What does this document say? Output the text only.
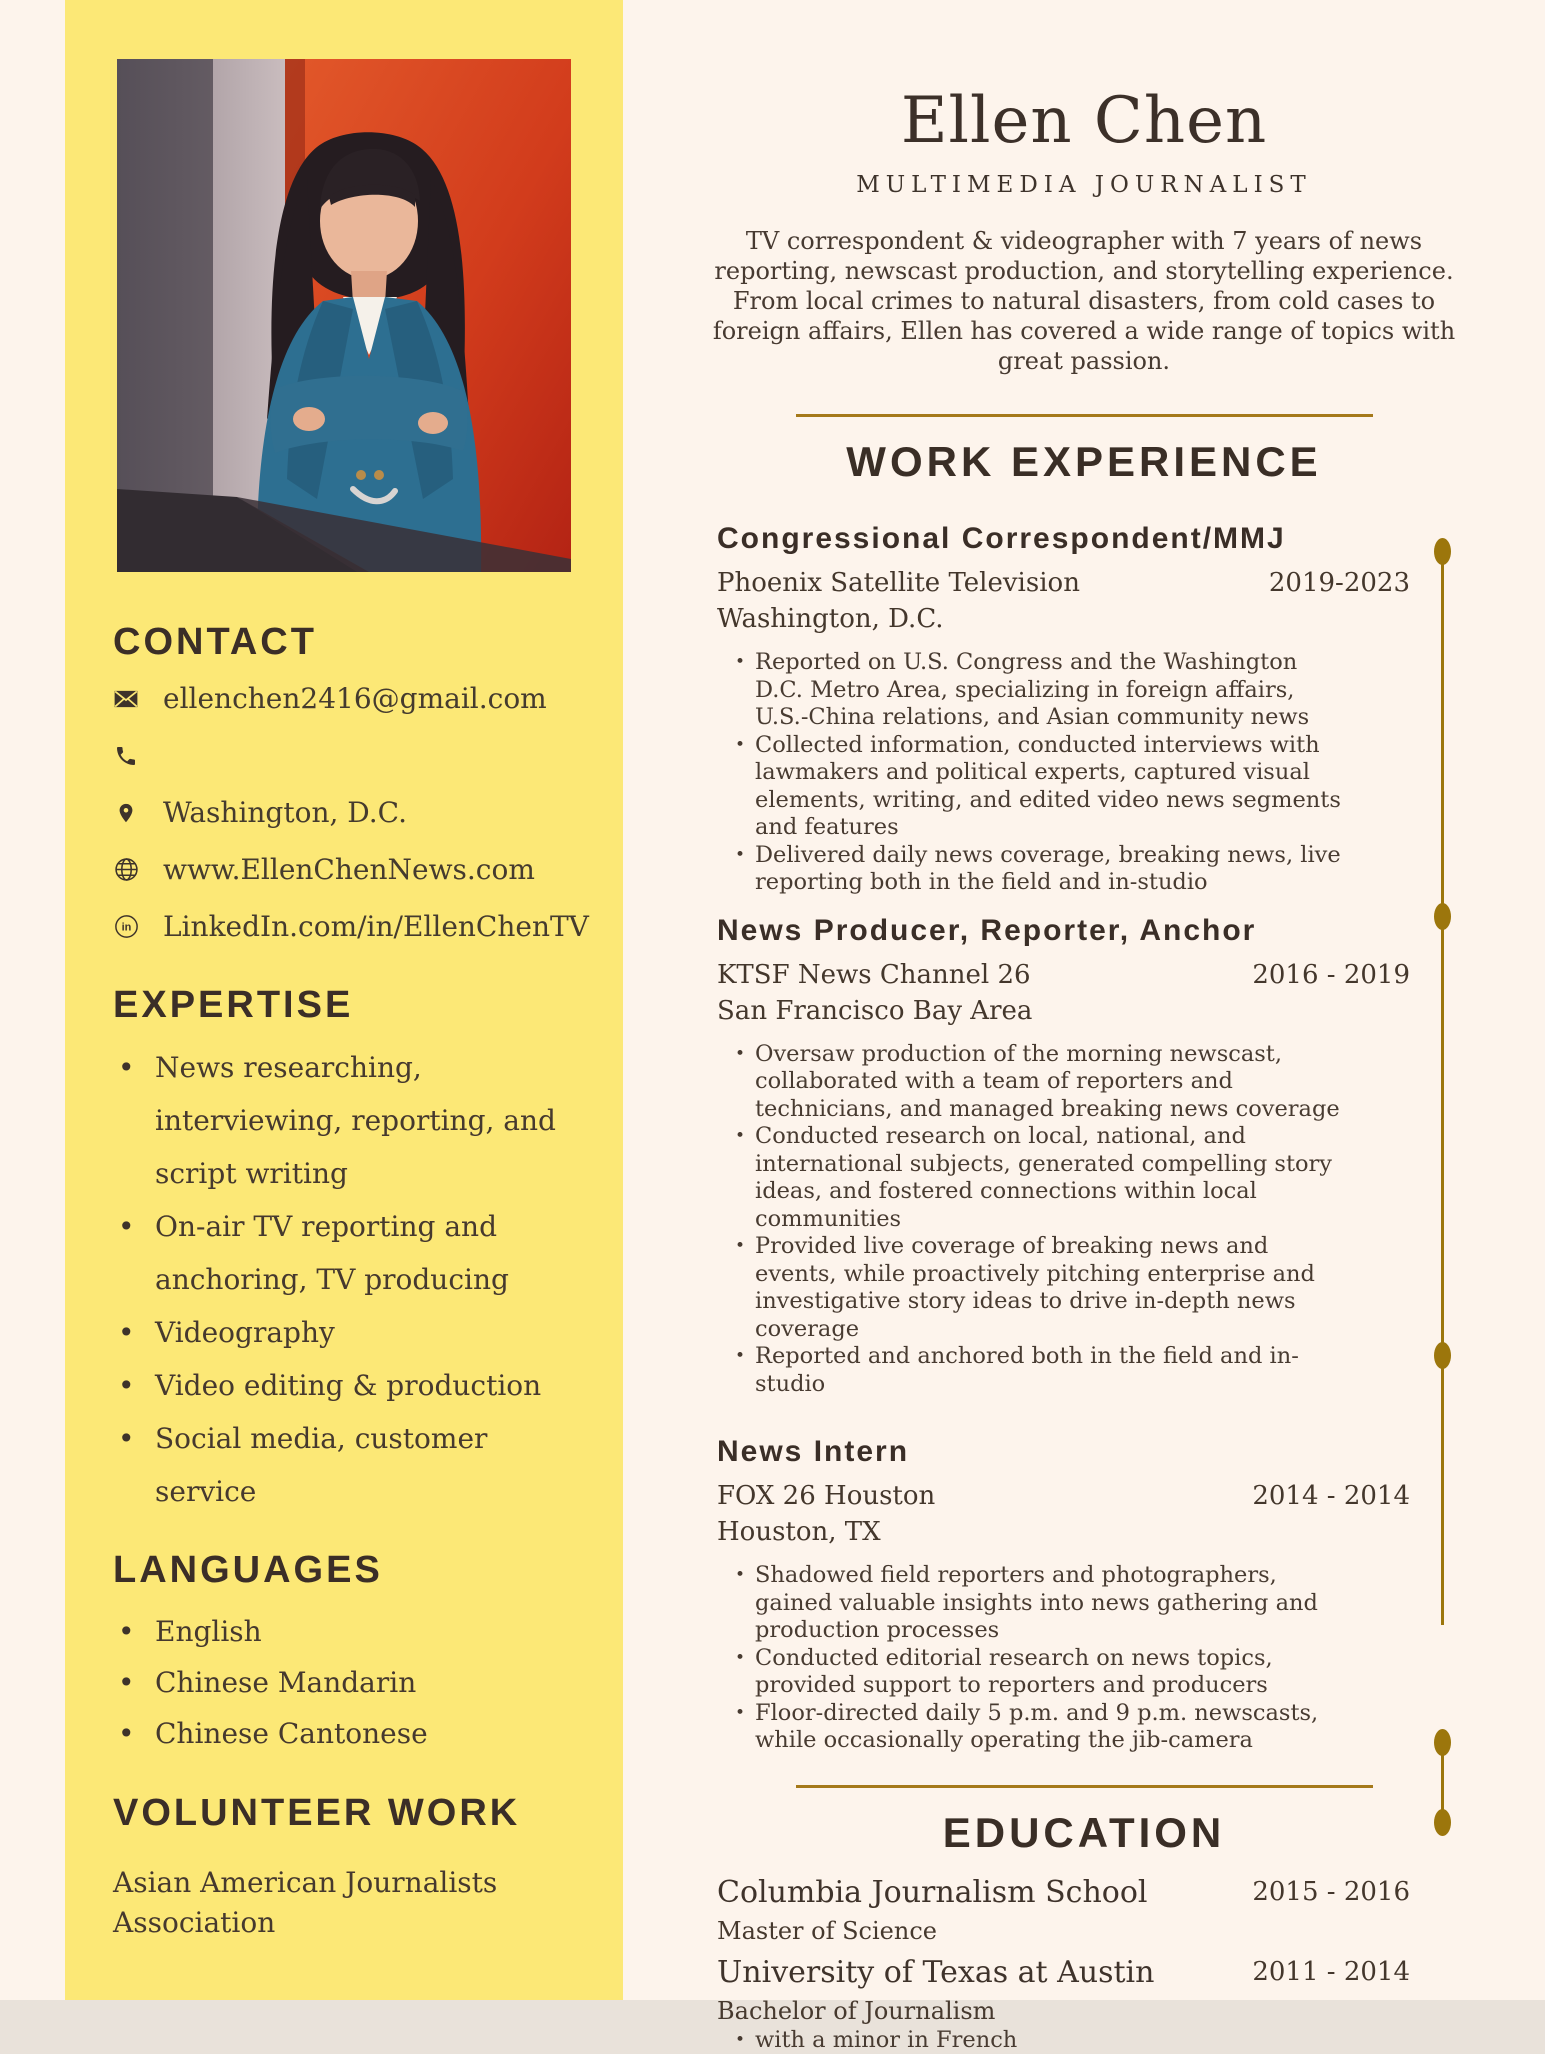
CONTACT
ellenchen2416@gmail.com
Washington, D.C.
www.EllenChenNews.com
in LinkedIn.com/in/EllenChenTV
EXPERTISE
• News researching, interviewing, reporting, and script writing
• On-air TV reporting and anchoring, TV producing
• Videography
• Video editing & production
• Social media, customer service
LANGUAGES
• English
• Chinese Mandarin
• Chinese Cantonese
VOLUNTEER WORK
Asian American Journalists Association
Ellen Chen
MULTIMEDIA JOURNALIST
TV correspondent & videographer with 7 years of news reporting, newscast production, and storytelling experience.
From local crimes to natural disasters, from cold cases to foreign affairs, Ellen has covered a wide range of topics with great passion.
WORK EXPERIENCE
Congressional Correspondent/MMJ
Phoenix Satellite Television	2019-2023
Washington, D.C.
• Reported on U.S. Congress and the Washington D.C. Metro Area, specializing in foreign affairs, U.S.-China relations, and Asian community news
• Collected information, conducted interviews with lawmakers and political experts, captured visual elements, writing, and edited video news segments and features
• Delivered daily news coverage, breaking news, live reporting both in the field and in-studio
News Producer, Reporter, Anchor
KTSF News Channel 26	2016 - 2019
San Francisco Bay Area
• Oversaw production of the morning newscast, collaborated with a team of reporters and technicians, and managed breaking news coverage
• Conducted research on local, national, and international subjects, generated compelling story ideas, and fostered connections within local communities
• Provided live coverage of breaking news and events, while proactively pitching enterprise and investigative story ideas to drive in-depth news coverage
• Reported and anchored both in the field and in-studio
News Intern
FOX 26 Houston	2014 - 2014
Houston, TX
• Shadowed field reporters and photographers, gained valuable insights into news gathering and production processes
• Conducted editorial research on news topics, provided support to reporters and producers
• Floor-directed daily 5 p.m. and 9 p.m. newscasts, while occasionally operating the jib-camera
EDUCATION
Columbia Journalism School	2015 - 2016
Master of Science
University of Texas at Austin	2011 - 2014
Bachelor of Journalism
• with a minor in French
